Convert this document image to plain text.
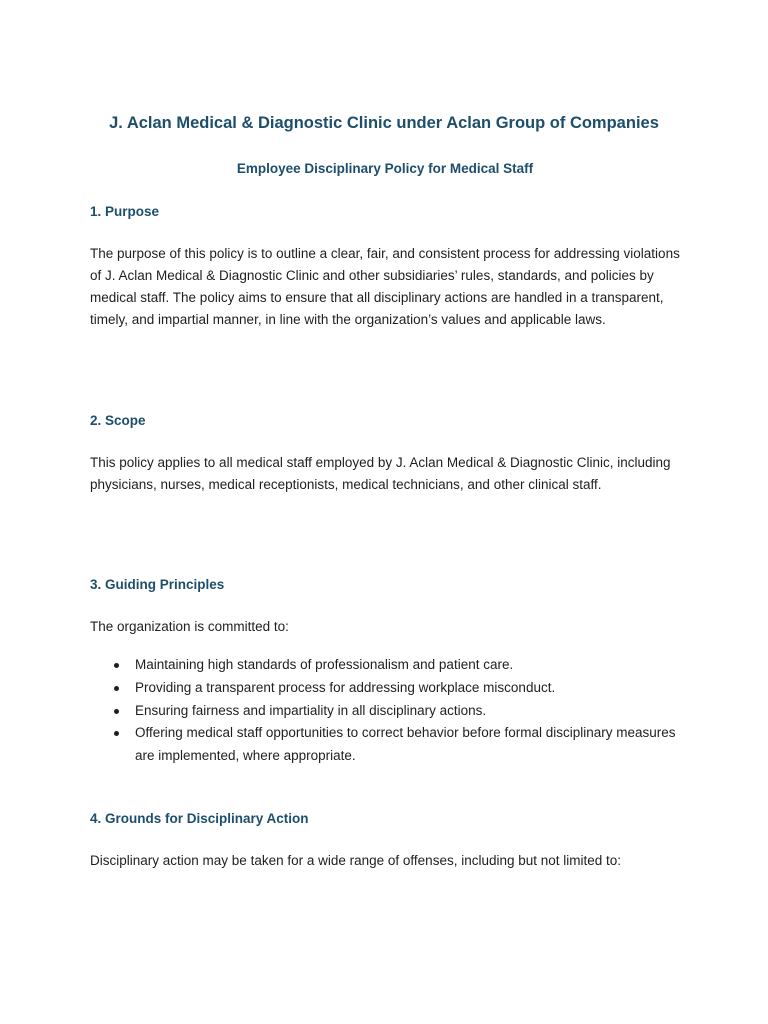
J. Aclan Medical & Diagnostic Clinic under Aclan Group of Companies
Employee Disciplinary Policy for Medical Staff
1. Purpose
The purpose of this policy is to outline a clear, fair, and consistent process for addressing violations of J. Aclan Medical & Diagnostic Clinic and other subsidiaries’ rules, standards, and policies by medical staff. The policy aims to ensure that all disciplinary actions are handled in a transparent, timely, and impartial manner, in line with the organization’s values and applicable laws.
2. Scope
This policy applies to all medical staff employed by J. Aclan Medical & Diagnostic Clinic, including physicians, nurses, medical receptionists, medical technicians, and other clinical staff.
3. Guiding Principles
The organization is committed to:
Maintaining high standards of professionalism and patient care.
Providing a transparent process for addressing workplace misconduct.
Ensuring fairness and impartiality in all disciplinary actions.
Offering medical staff opportunities to correct behavior before formal disciplinary measures are implemented, where appropriate.
4. Grounds for Disciplinary Action
Disciplinary action may be taken for a wide range of offenses, including but not limited to:
